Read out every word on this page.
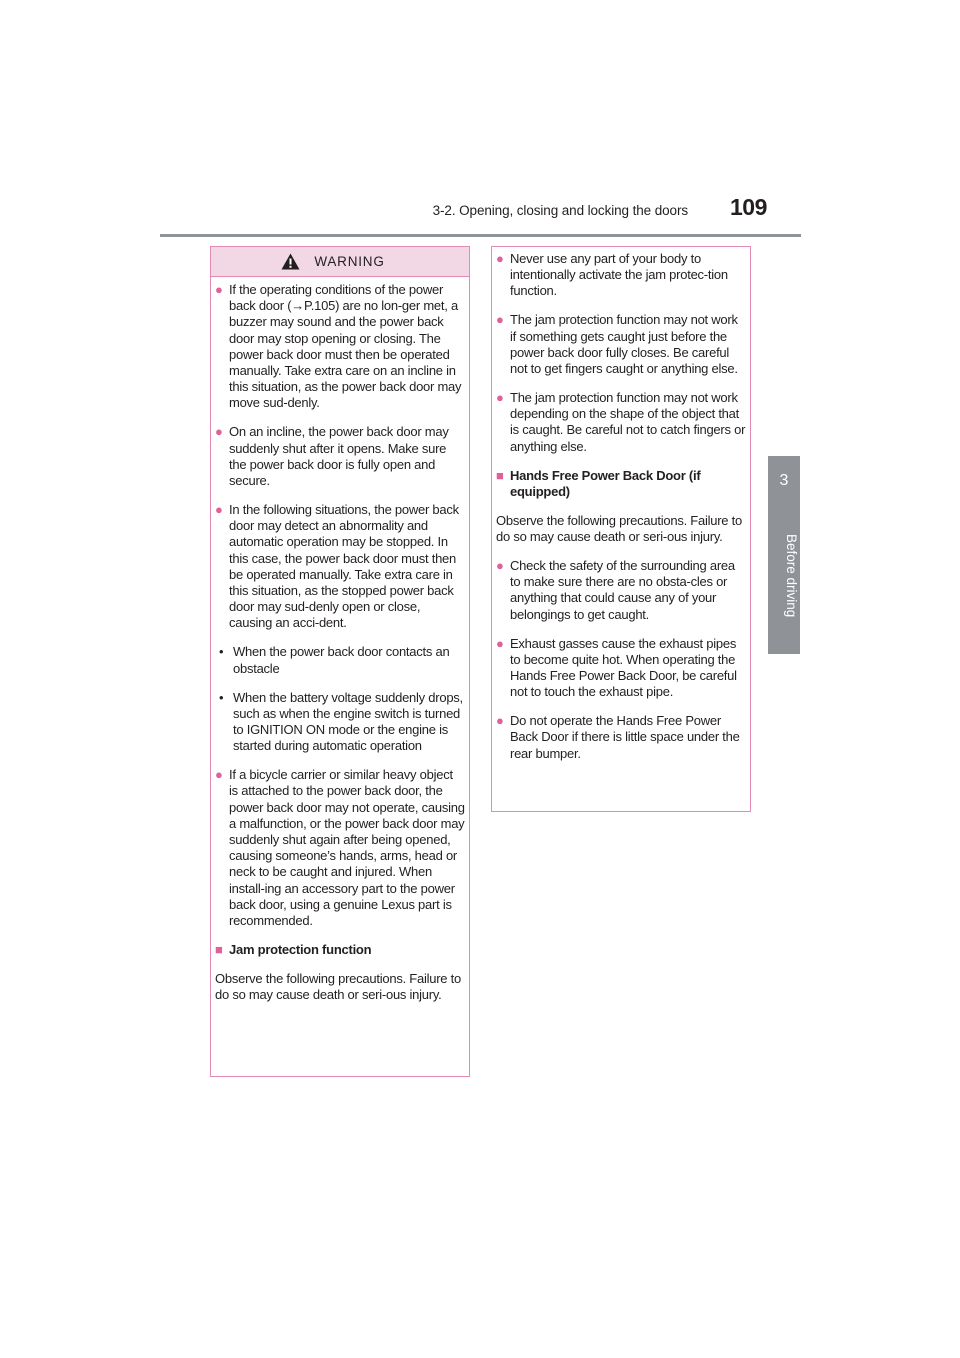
3-2. Opening, closing and locking the doors 109
3
Before driving
WARNING
● If the operating conditions of the power back door (→P.105) are no lon-ger met, a buzzer may sound and the power back door may stop opening or closing. The power back door must then be operated manually. Take extra care on an incline in this situation, as the power back door may move sud-denly.
● On an incline, the power back door may suddenly shut after it opens. Make sure the power back door is fully open and secure.
● In the following situations, the power back door may detect an abnormality and automatic operation may be stopped. In this case, the power back door must then be operated manually. Take extra care in this situation, as the stopped power back door may sud-denly open or close, causing an acci-dent.
• When the power back door contacts an obstacle
• When the battery voltage suddenly drops, such as when the engine switch is turned to IGNITION ON mode or the engine is started during automatic operation
● If a bicycle carrier or similar heavy object is attached to the power back door, the power back door may not operate, causing a malfunction, or the power back door may suddenly shut again after being opened, causing someone’s hands, arms, head or neck to be caught and injured. When install-ing an accessory part to the power back door, using a genuine Lexus part is recommended.
■ Jam protection function
Observe the following precautions. Failure to do so may cause death or seri-ous injury.
● Never use any part of your body to intentionally activate the jam protec-tion function.
● The jam protection function may not work if something gets caught just before the power back door fully closes. Be careful not to get fingers caught or anything else.
● The jam protection function may not work depending on the shape of the object that is caught. Be careful not to catch fingers or anything else.
■ Hands Free Power Back Door (if equipped)
Observe the following precautions. Failure to do so may cause death or seri-ous injury.
● Check the safety of the surrounding area to make sure there are no obsta-cles or anything that could cause any of your belongings to get caught.
● Exhaust gasses cause the exhaust pipes to become quite hot. When operating the Hands Free Power Back Door, be careful not to touch the exhaust pipe.
● Do not operate the Hands Free Power Back Door if there is little space under the rear bumper.
